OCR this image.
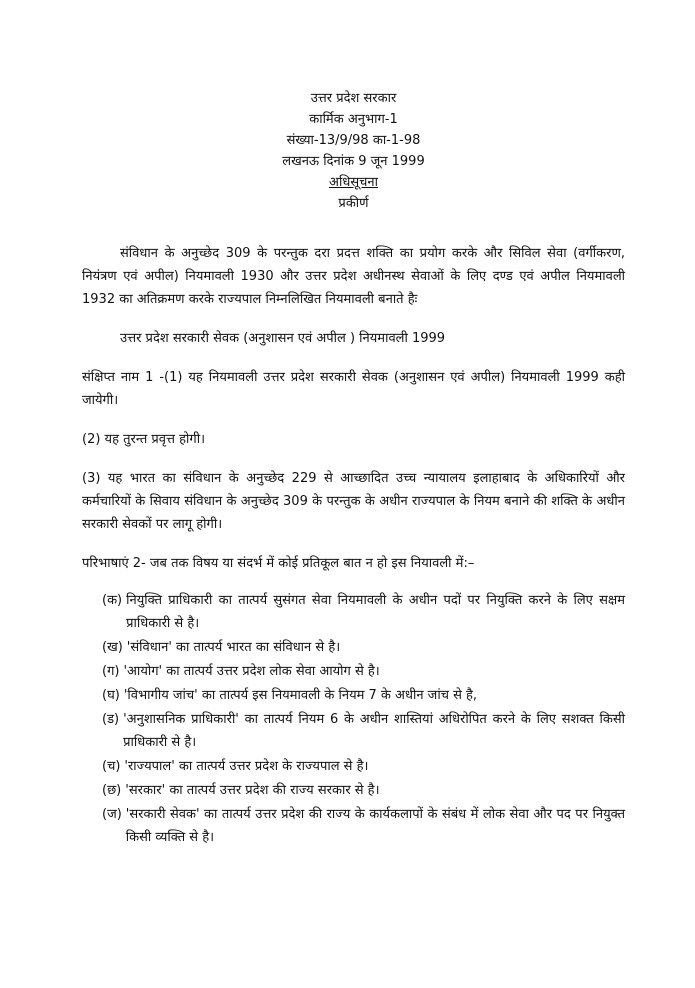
उत्तर प्रदेश सरकार
कार्मिक अनुभाग-1
संख्या-13/9/98 का-1-98
लखनऊ दिनांक 9 जून 1999
अधिसूचना
प्रकीर्ण

संविधान के अनुच्छेद 309 के परन्तुक दरा प्रदत्त शक्ति का प्रयोग करके और सिविल सेवा (वर्गीकरण, नियंत्रण एवं अपील) नियमावली 1930 और उत्तर प्रदेश अधीनस्थ सेवाओं के लिए दण्ड एवं अपील नियमावली 1932 का अतिक्रमण करके राज्यपाल निम्नलिखित नियमावली बनाते हैः

उत्तर प्रदेश सरकारी सेवक (अनुशासन एवं अपील ) नियमावली 1999

संक्षिप्त नाम 1 -(1) यह नियमावली उत्तर प्रदेश सरकारी सेवक (अनुशासन एवं अपील) नियमावली 1999 कही जायेगी।

(2) यह तुरन्त प्रवृत्त होगी।

(3) यह भारत का संविधान के अनुच्छेद 229 से आच्छादित उच्च न्यायालय इलाहाबाद के अधिकारियों और कर्मचारियों के सिवाय संविधान के अनुच्छेद 309 के परन्तुक के अधीन राज्यपाल के नियम बनाने की शक्ति के अधीन सरकारी सेवकों पर लागू होगी।

परिभाषाएं 2- जब तक विषय या संदर्भ में कोई प्रतिकूल बात न हो इस नियावली में:–

(क) नियुक्ति प्राधिकारी का तात्पर्य सुसंगत सेवा नियमावली के अधीन पदों पर नियुक्ति करने के लिए सक्षम प्राधिकारी से है।
(ख) 'संविधान' का तात्पर्य भारत का संविधान से है।
(ग) 'आयोग' का तात्पर्य उत्तर प्रदेश लोक सेवा आयोग से है।
(घ) 'विभागीय जांच' का तात्पर्य इस नियमावली के नियम 7 के अधीन जांच से है,
(ड) 'अनुशासनिक प्राधिकारी' का तात्पर्य नियम 6 के अधीन शास्तियां अधिरोपित करने के लिए सशक्त किसी प्राधिकारी से है।
(च) 'राज्यपाल' का तात्पर्य उत्तर प्रदेश के राज्यपाल से है।
(छ) 'सरकार' का तात्पर्य उत्तर प्रदेश की राज्य सरकार से है।
(ज) 'सरकारी सेवक' का तात्पर्य उत्तर प्रदेश की राज्य के कार्यकलापों के संबंध में लोक सेवा और पद पर नियुक्त किसी व्यक्ति से है।
